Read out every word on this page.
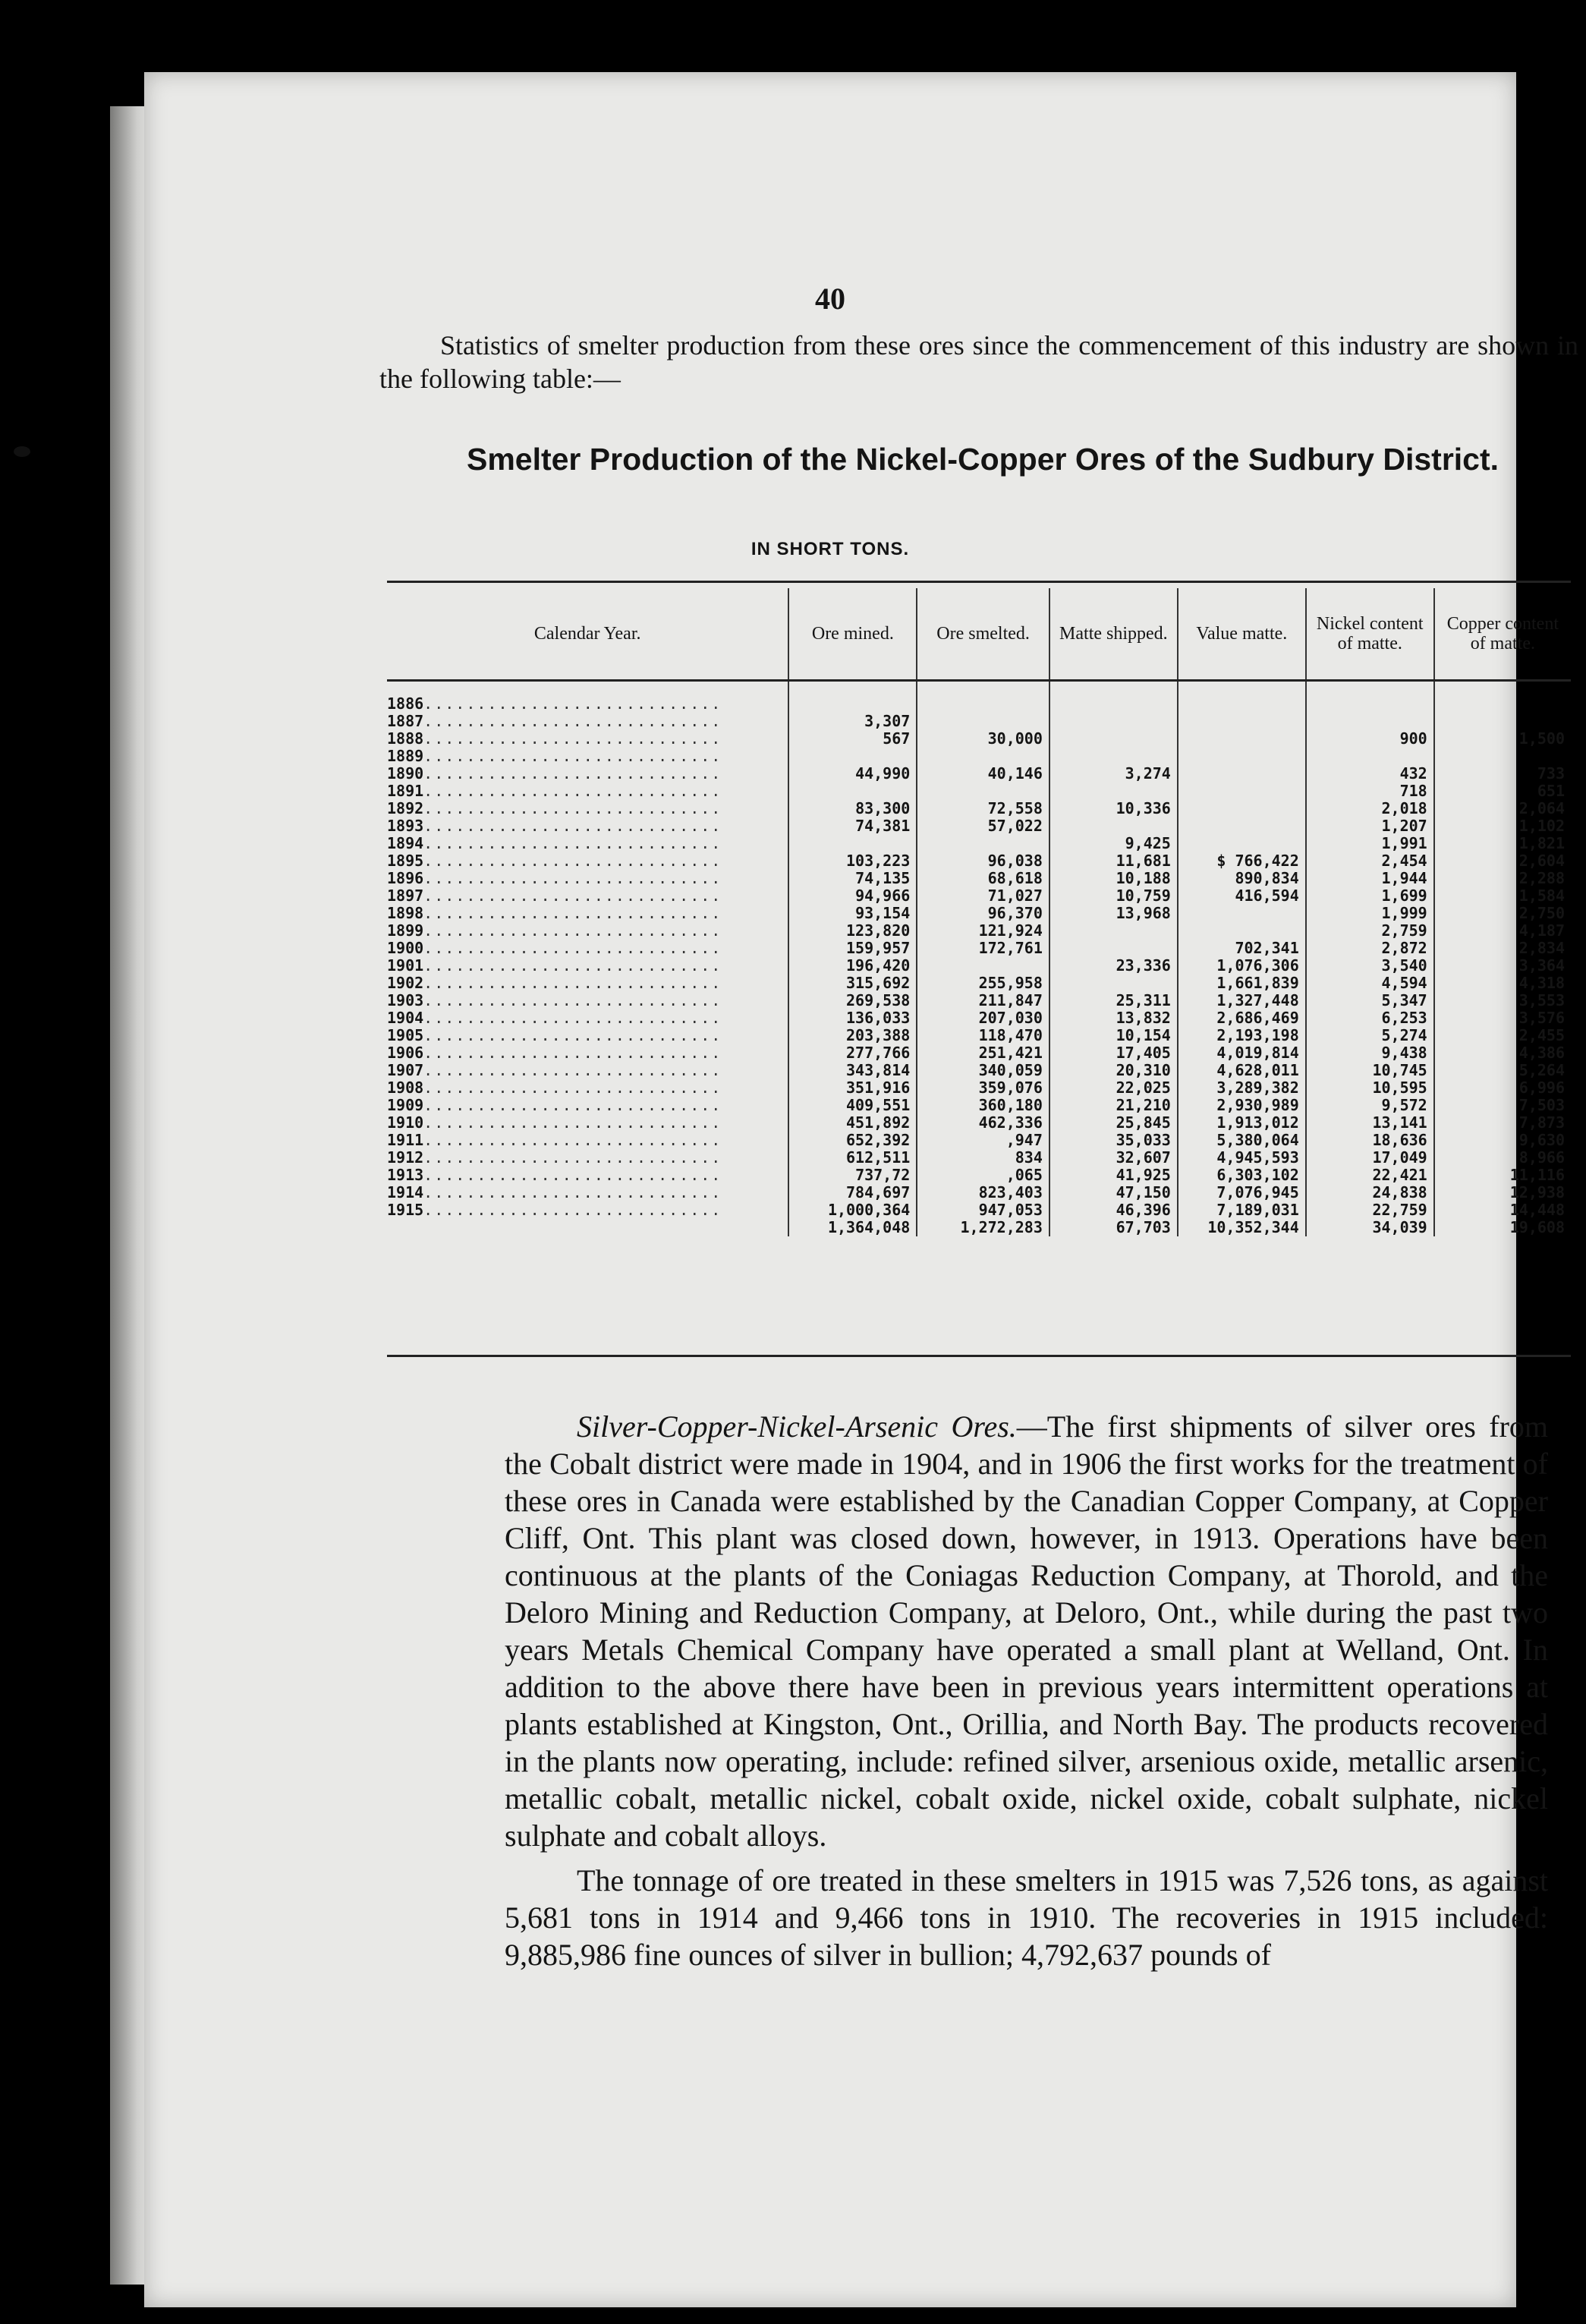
40

Statistics of smelter production from these ores since the commencement of this industry are shown in the following table:—

Smelter Production of the Nickel-Copper Ores of the Sudbury District.
IN SHORT TONS.
Calendar Year.	Ore mined.	Ore smelted.	Matte shipped.	Value matte.	Nickel content of matte.	Copper content of matte.
1886............................						
1887............................	3,307					
1888............................	567	30,000			900	1,500
1889............................						
1890............................	44,990	40,146	3,274		432	733
1891............................					718	651
1892............................	83,300	72,558	10,336		2,018	2,064
1893............................	74,381	57,022			1,207	1,102
1894............................			9,425		1,991	1,821
1895............................	103,223	96,038	11,681	$ 766,422	2,454	2,604
1896............................	74,135	68,618	10,188	890,834	1,944	2,288
1897............................	94,966	71,027	10,759	416,594	1,699	1,584
1898............................	93,154	96,370	13,968		1,999	2,750
1899............................	123,820	121,924			2,759	4,187
1900............................	159,957	172,761		702,341	2,872	2,834
1901............................	196,420		23,336	1,076,306	3,540	3,364
1902............................	315,692	255,958		1,661,839	4,594	4,318
1903............................	269,538	211,847	25,311	1,327,448	5,347	3,553
1904............................	136,033	207,030	13,832	2,686,469	6,253	3,576
1905............................	203,388	118,470	10,154	2,193,198	5,274	2,455
1906............................	277,766	251,421	17,405	4,019,814	9,438	4,386
1907............................	343,814	340,059	20,310	4,628,011	10,745	5,264
1908............................	351,916	359,076	22,025	3,289,382	10,595	6,996
1909............................	409,551	360,180	21,210	2,930,989	9,572	7,503
1910............................	451,892	462,336	25,845	1,913,012	13,141	7,873
1911............................	652,392	,947	35,033	5,380,064	18,636	9,630
1912............................	612,511	834	32,607	4,945,593	17,049	8,966
1913............................	737,72	,065	41,925	6,303,102	22,421	11,116
1914............................	784,697	823,403	47,150	7,076,945	24,838	12,938
1915............................	1,000,364	947,053	46,396	7,189,031	22,759	14,448
	1,364,048	1,272,283	67,703	10,352,344	34,039	19,608

Silver-Copper-Nickel-Arsenic Ores.—The first shipments of silver ores from the Cobalt district were made in 1904, and in 1906 the first works for the treatment of these ores in Canada were established by the Canadian Copper Company, at Copper Cliff, Ont. This plant was closed down, however, in 1913. Operations have been continuous at the plants of the Coniagas Reduction Company, at Thorold, and the Deloro Mining and Reduction Company, at Deloro, Ont., while during the past two years Metals Chemical Company have operated a small plant at Welland, Ont. In addition to the above there have been in previous years intermittent operations at plants established at Kingston, Ont., Orillia, and North Bay. The products recovered in the plants now operating, include: refined silver, arsenious oxide, metallic arsenic, metallic cobalt, metallic nickel, cobalt oxide, nickel oxide, cobalt sulphate, nickel sulphate and cobalt alloys.

The tonnage of ore treated in these smelters in 1915 was 7,526 tons, as against 5,681 tons in 1914 and 9,466 tons in 1910. The recoveries in 1915 included: 9,885,986 fine ounces of silver in bullion; 4,792,637 pounds of
